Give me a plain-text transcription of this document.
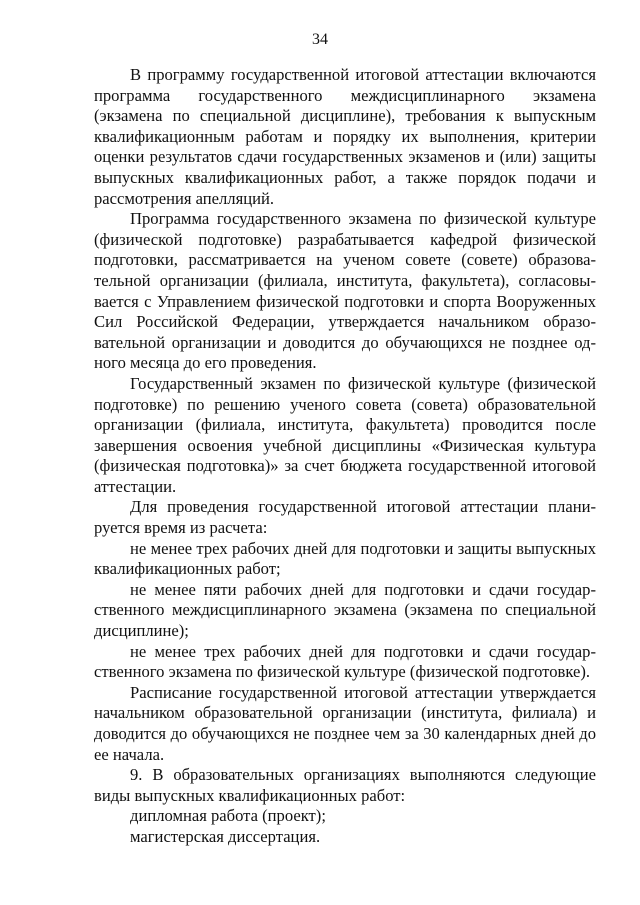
34

В программу государственной итоговой аттестации включаются программа государственного междисциплинарного экзамена (экзамена по специальной дисциплине), требования к выпускным квалификационным работам и порядку их выполнения, критерии оценки результатов сдачи государственных экзаменов и (или) защиты выпускных квалификационных работ, а также порядок подачи и рассмотрения апелляций.

Программа государственного экзамена по физической культуре (физической подготовке) разрабатывается кафедрой физической подготовки, рассматривается на ученом совете (совете) образовательной организации (филиала, института, факультета), согласовывается с Управлением физической подготовки и спорта Вооруженных Сил Российской Федерации, утверждается начальником образовательной организации и доводится до обучающихся не позднее одного месяца до его проведения.

Государственный экзамен по физической культуре (физической подготовке) по решению ученого совета (совета) образовательной организации (филиала, института, факультета) проводится после завершения освоения учебной дисциплины «Физическая культура (физическая подготовка)» за счет бюджета государственной итоговой аттестации.

Для проведения государственной итоговой аттестации планируется время из расчета:

не менее трех рабочих дней для подготовки и защиты выпускных квалификационных работ;

не менее пяти рабочих дней для подготовки и сдачи государственного междисциплинарного экзамена (экзамена по специальной дисциплине);

не менее трех рабочих дней для подготовки и сдачи государственного экзамена по физической культуре (физической подготовке).

Расписание государственной итоговой аттестации утверждается начальником образовательной организации (института, филиала) и доводится до обучающихся не позднее чем за 30 календарных дней до ее начала.

9. В образовательных организациях выполняются следующие виды выпускных квалификационных работ:

дипломная работа (проект);

магистерская диссертация.
